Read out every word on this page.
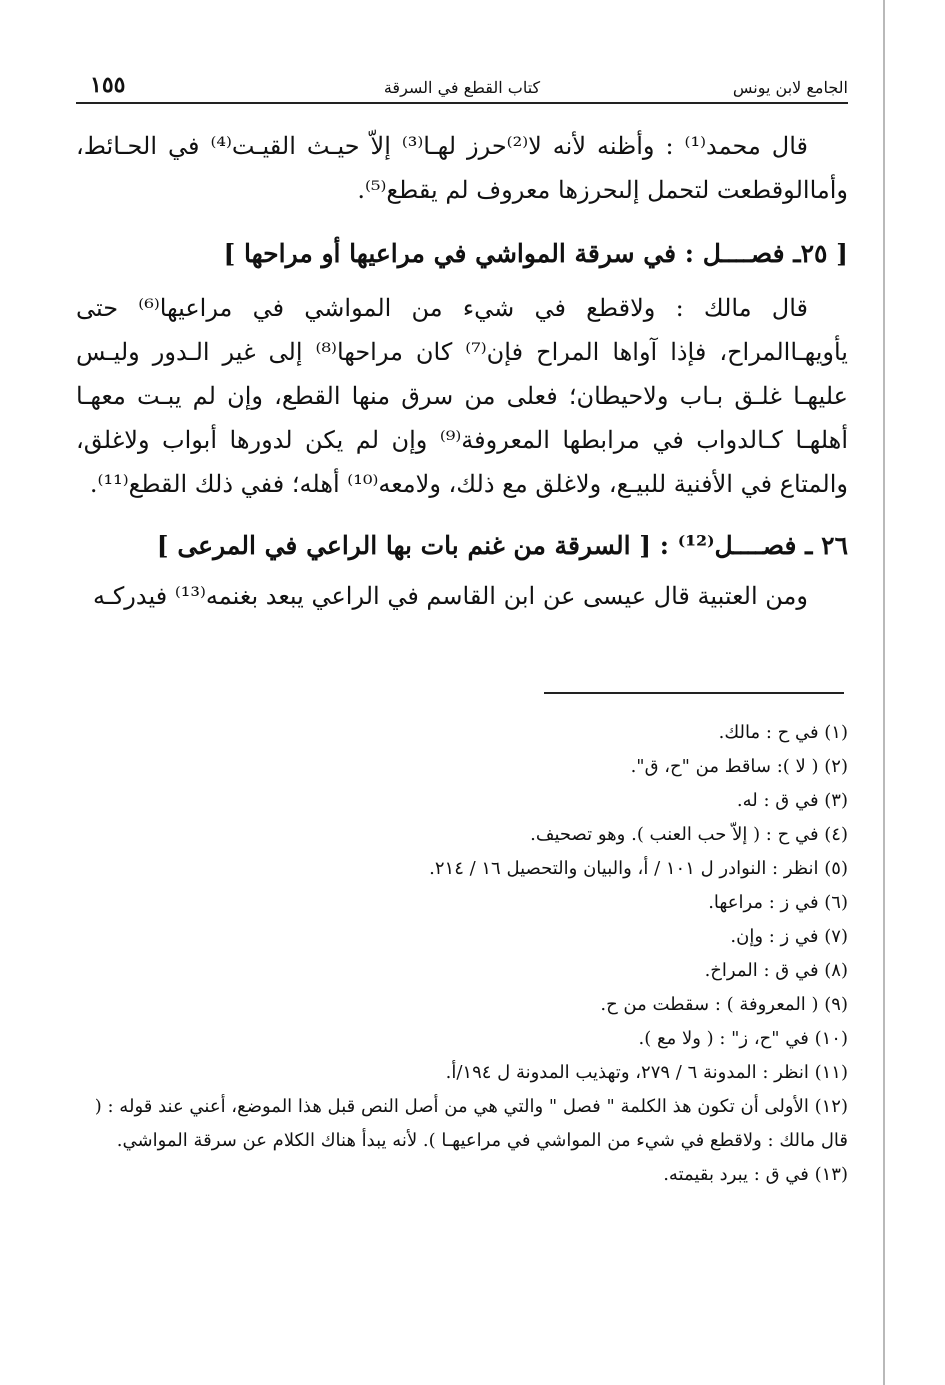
الجامع لابن يونس
كتاب القطع في السرقة
١٥٥

قال محمد⁽¹⁾ : وأظنه لأنه لا⁽²⁾حرز لهـا⁽³⁾ إلاّ حيـث القيـت⁽⁴⁾ في الحـائط، وأماالوقطعت لتحمل إلىحرزها معروف لم يقطع⁽⁵⁾.

[ ٢٥ـ فصــــل : في سرقة المواشي في مراعيها أو مراحها ]

قال مالك : ولاقطع في شيء من المواشي في مراعيها⁽⁶⁾ حتى يأويهـاالمراح، فإذا آواها المراح فإن⁽⁷⁾ كان مراحها⁽⁸⁾ إلى غير الـدور وليـس عليهـا غلـق بـاب ولاحيطان؛ فعلى من سرق منها القطع، وإن لم يبـت معهـا أهلهـا كـالدواب في مرابطها المعروفة⁽⁹⁾ وإن لم يكن لدورها أبواب ولاغلق، والمتاع في الأفنية للبيـع، ولاغلق مع ذلك، ولامعه⁽¹⁰⁾ أهله؛ ففي ذلك القطع⁽¹¹⁾.

٢٦ ـ فصــــل⁽¹²⁾ : [ السرقة من غنم بات بها الراعي في المرعى ]

ومن العتبية قال عيسى عن ابن القاسم في الراعي يبعد بغنمه⁽¹³⁾ فيدركـه

(١) في ح : مالك.
(٢) ( لا ): ساقط من "ح، ق".
(٣) في ق : له.
(٤) في ح : ( إلاّ حب العنب ). وهو تصحيف.
(٥) انظر : النوادر ل ١٠١ / أ، والبيان والتحصيل ١٦ / ٢١٤.
(٦) في ز : مراعها.
(٧) في ز : وإن.
(٨) في ق : المراخ.
(٩) ( المعروفة ) : سقطت من ح.
(١٠) في "ح، ز" : ( ولا مع ).
(١١) انظر : المدونة ٦ / ٢٧٩، وتهذيب المدونة ل ١٩٤/أ.
(١٢) الأولى أن تكون هذ الكلمة " فصل " والتي هي من أصل النص قبل هذا الموضع، أعني عند قوله : ( قال مالك : ولاقطع في شيء من المواشي في مراعيهـا ). لأنه يبدأ هناك الكلام عن سرقة المواشي.
(١٣) في ق : يبرد بقيمته.
